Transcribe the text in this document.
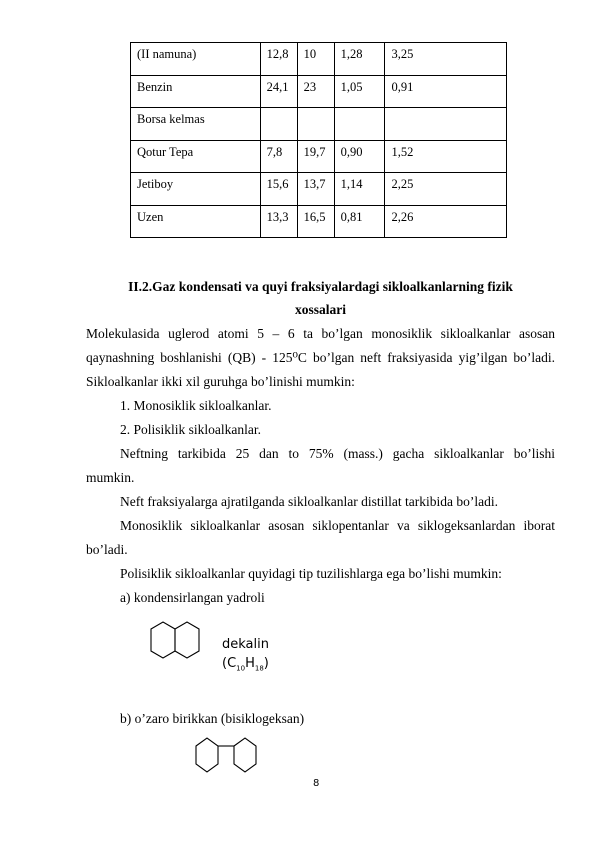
(II namuna)	12,8	10	1,28	3,25
Benzin	24,1	23	1,05	0,91
Borsa kelmas				
Qotur Tepa	7,8	19,7	0,90	1,52
Jetiboy	15,6	13,7	1,14	2,25
Uzen	13,3	16,5	0,81	2,26
II.2.Gaz kondensati va quyi fraksiyalardagi sikloalkanlarning fizik
xossalari
Molekulasida uglerod atomi 5 – 6 ta bo’lgan monosiklik sikloalkanlar asosan
qaynashning boshlanishi (QB) - 125⁰C bo’lgan neft fraksiyasida yig’ilgan bo’ladi.
Sikloalkanlar ikki xil guruhga bo’linishi mumkin:
1. Monosiklik sikloalkanlar.
2. Polisiklik sikloalkanlar.
Neftning tarkibida 25 dan to 75% (mass.) gacha sikloalkanlar bo’lishi
mumkin.
Neft fraksiyalarga ajratilganda sikloalkanlar distillat tarkibida bo’ladi.
Monosiklik sikloalkanlar asosan siklopentanlar va siklogeksanlardan iborat
bo’ladi.
Polisiklik sikloalkanlar quyidagi tip tuzilishlarga ega bo’lishi mumkin:
a) kondensirlangan yadroli
dekalin
$(C_{10}H_{18})$
b) o’zaro birikkan (bisiklogeksan)
8
